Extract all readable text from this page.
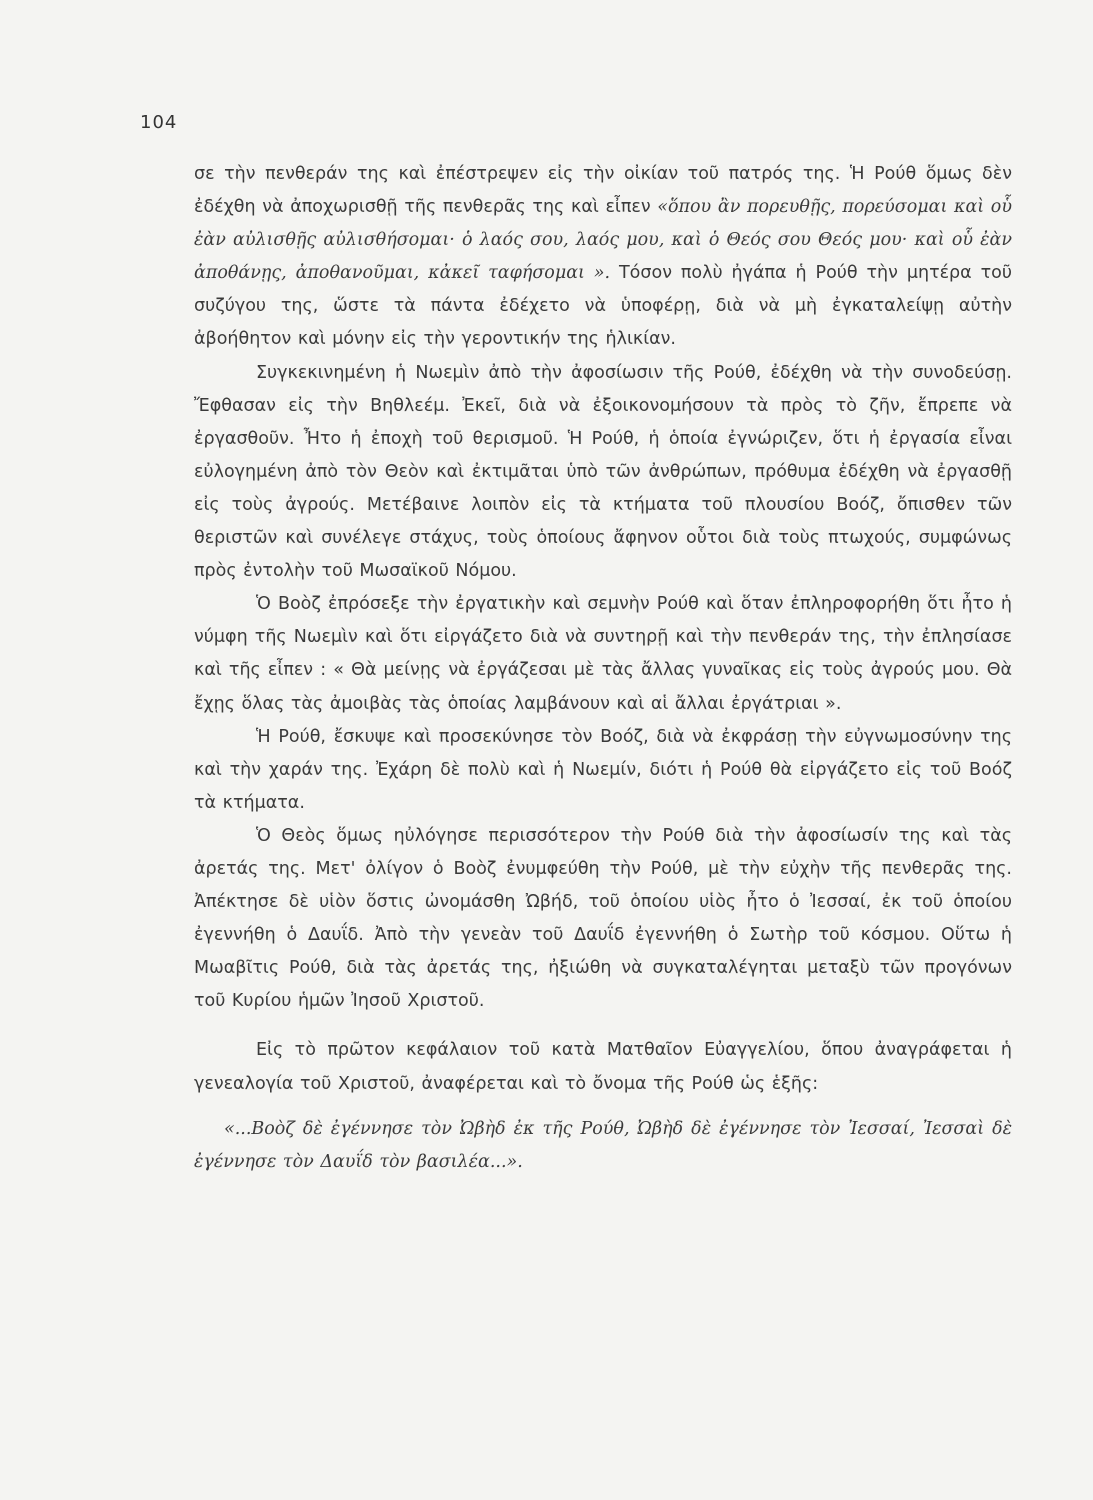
104

σε τὴν πενθεράν της καὶ ἐπέστρεψεν εἰς τὴν οἰκίαν τοῦ πατρός της. Ἡ Ρούθ ὅμως δὲν ἐδέχθη νὰ ἀποχωρισθῇ τῆς πενθερᾶς της καὶ εἶπεν «ὅπου ἂν πορευθῇς, πορεύσομαι καὶ οὗ ἐὰν αὐλισθῇς αὐλισθήσομαι· ὁ λαός σου, λαός μου, καὶ ὁ Θεός σου Θεός μου· καὶ οὗ ἐὰν ἀποθάνῃς, ἀποθανοῦμαι, κἀκεῖ ταφήσομαι ». Τόσον πολὺ ἠγάπα ἡ Ρούθ τὴν μητέρα τοῦ συζύγου της, ὥστε τὰ πάντα ἐδέχετο νὰ ὑποφέρῃ, διὰ νὰ μὴ ἐγκαταλείψῃ αὐτὴν ἀβοήθητον καὶ μόνην εἰς τὴν γεροντικήν της ἡλικίαν.

Συγκεκινημένη ἡ Νωεμὶν ἀπὸ τὴν ἀφοσίωσιν τῆς Ρούθ, ἐδέχθη νὰ τὴν συνοδεύσῃ. Ἔφθασαν εἰς τὴν Βηθλεέμ. Ἐκεῖ, διὰ νὰ ἐξοικονομήσουν τὰ πρὸς τὸ ζῆν, ἔπρεπε νὰ ἐργασθοῦν. Ἦτο ἡ ἐποχὴ τοῦ θερισμοῦ. Ἡ Ρούθ, ἡ ὁποία ἐγνώριζεν, ὅτι ἡ ἐργασία εἶναι εὐλογημένη ἀπὸ τὸν Θεὸν καὶ ἐκτιμᾶται ὑπὸ τῶν ἀνθρώπων, πρόθυμα ἐδέχθη νὰ ἐργασθῇ εἰς τοὺς ἀγρούς. Μετέβαινε λοιπὸν εἰς τὰ κτήματα τοῦ πλουσίου Βοόζ, ὄπισθεν τῶν θεριστῶν καὶ συνέλεγε στάχυς, τοὺς ὁποίους ἄφηνον οὗτοι διὰ τοὺς πτωχούς, συμφώνως πρὸς ἐντολὴν τοῦ Μωσαϊκοῦ Νόμου.

Ὁ Βοὸζ ἐπρόσεξε τὴν ἐργατικὴν καὶ σεμνὴν Ρούθ καὶ ὅταν ἐπληροφορήθη ὅτι ἦτο ἡ νύμφη τῆς Νωεμὶν καὶ ὅτι εἰργάζετο διὰ νὰ συντηρῇ καὶ τὴν πενθεράν της, τὴν ἐπλησίασε καὶ τῆς εἶπεν : « Θὰ μείνῃς νὰ ἐργάζεσαι μὲ τὰς ἄλλας γυναῖκας εἰς τοὺς ἀγρούς μου. Θὰ ἔχῃς ὅλας τὰς ἀμοιβὰς τὰς ὁποίας λαμβάνουν καὶ αἱ ἄλλαι ἐργάτριαι ».

Ἡ Ρούθ, ἔσκυψε καὶ προσεκύνησε τὸν Βοόζ, διὰ νὰ ἐκφράσῃ τὴν εὐγνωμοσύνην της καὶ τὴν χαράν της. Ἐχάρη δὲ πολὺ καὶ ἡ Νωεμίν, διότι ἡ Ρούθ θὰ εἰργάζετο εἰς τοῦ Βοόζ τὰ κτήματα.

Ὁ Θεὸς ὅμως ηὐλόγησε περισσότερον τὴν Ρούθ διὰ τὴν ἀφοσίωσίν της καὶ τὰς ἀρετάς της. Μετ' ὀλίγον ὁ Βοὸζ ἐνυμφεύθη τὴν Ρούθ, μὲ τὴν εὐχὴν τῆς πενθερᾶς της. Ἀπέκτησε δὲ υἱὸν ὅστις ὠνομάσθη Ὠβήδ, τοῦ ὁποίου υἱὸς ἦτο ὁ Ἰεσσαί, ἐκ τοῦ ὁποίου ἐγεννήθη ὁ Δαυΐδ. Ἀπὸ τὴν γενεὰν τοῦ Δαυΐδ ἐγεννήθη ὁ Σωτὴρ τοῦ κόσμου. Οὕτω ἡ Μωαβῖτις Ρούθ, διὰ τὰς ἀρετάς της, ἠξιώθη νὰ συγκαταλέγηται μεταξὺ τῶν προγόνων τοῦ Κυρίου ἡμῶν Ἰησοῦ Χριστοῦ.

Εἰς τὸ πρῶτον κεφάλαιον τοῦ κατὰ Ματθαῖον Εὐαγγελίου, ὅπου ἀναγράφεται ἡ γενεαλογία τοῦ Χριστοῦ, ἀναφέρεται καὶ τὸ ὄνομα τῆς Ρούθ ὡς ἑξῆς:

«...Βοὸζ δὲ ἐγέννησε τὸν Ὠβὴδ ἐκ τῆς Ρούθ, Ὠβὴδ δὲ ἐγέννησε τὸν Ἰεσσαί, Ἰεσσαὶ δὲ ἐγέννησε τὸν Δαυΐδ τὸν βασιλέα...».
